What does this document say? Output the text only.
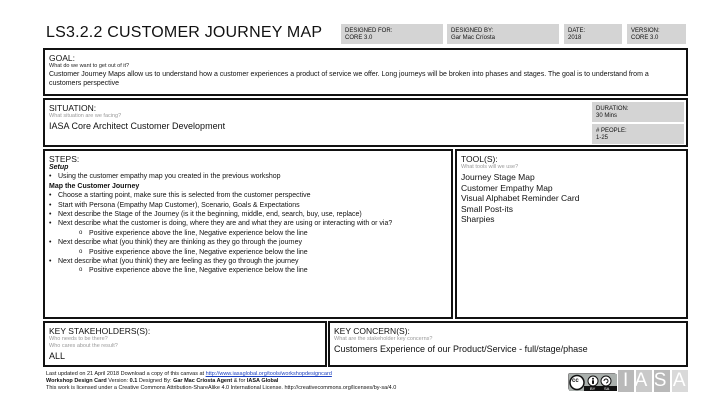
LS3.2.2 CUSTOMER JOURNEY MAP	DESIGNED FOR:
CORE 3.0
DESIGNED BY:
Gar Mac Críosta
DATE:
2018
VERSION:
CORE 3.0
GOAL:
What do we want to get out of it?
Customer Journey Maps allow us to understand how a customer experiences a product of service we offer. Long journeys will be broken into phases and stages. The goal is to understand from a customers perspective
SITUATION:
What situation are we facing?
IASA Core Architect Customer Development
DURATION:
30 Mins
# PEOPLE:
1-25
STEPS:
Setup
• Using the customer empathy map you created in the previous workshop
Map the Customer Journey
• Choose a starting point, make sure this is selected from the customer perspective
• Start with Persona (Empathy Map Customer), Scenario, Goals & Expectations
• Next describe the Stage of the Journey (is it the beginning, middle, end, search, buy, use, replace)
• Next describe what the customer is doing, where they are and what they are using or interacting with or via?
o Positive experience above the line, Negative experience below the line
• Next describe what (you think) they are thinking as they go through the journey
o Positive experience above the line, Negative experience below the line
• Next describe what (you think) they are feeling as they go through the journey
o Positive experience above the line, Negative experience below the line
TOOL(S):
What tools will we use?
Journey Stage Map
Customer Empathy Map
Visual Alphabet Reminder Card
Small Post-its
Sharpies
KEY STAKEHOLDERS(S):
Who needs to be there?
Who cares about the result?
ALL
KEY CONCERN(S):
What are the stakeholder key concerns?
Customers Experience of our Product/Service - full/stage/phase
Last updated on 21 April 2018 Download a copy of this canvas at http://www.iasaglobal.org/tools/workshopdesigncard
Workshop Design Card Version: 0.1 Designed By: Gar Mac Críosta Agent & for IASA Global
This work is licensed under a Creative Commons Attribution-ShareAlike 4.0 International License. http://creativecommons.org/licenses/by-sa/4.0
cc
BY SA IASA
